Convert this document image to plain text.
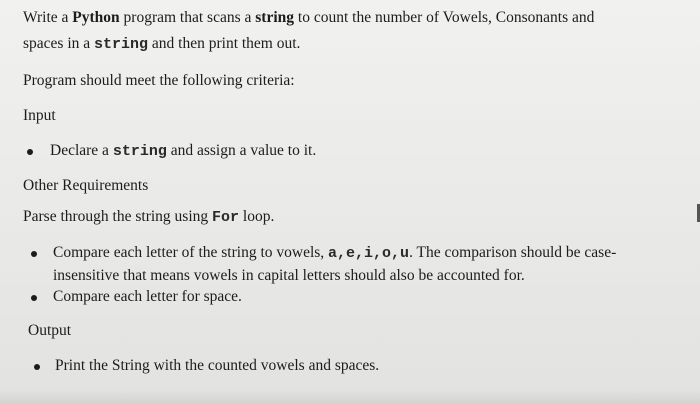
Write a Python program that scans a string to count the number of Vowels, Consonants and
spaces in a string and then print them out.
Program should meet the following criteria:
Input
Declare a string and assign a value to it.
Other Requirements
Parse through the string using For loop.
Compare each letter of the string to vowels, a,e,i,o,u. The comparison should be case-
insensitive that means vowels in capital letters should also be accounted for.
Compare each letter for space.
Output
Print the String with the counted vowels and spaces.
